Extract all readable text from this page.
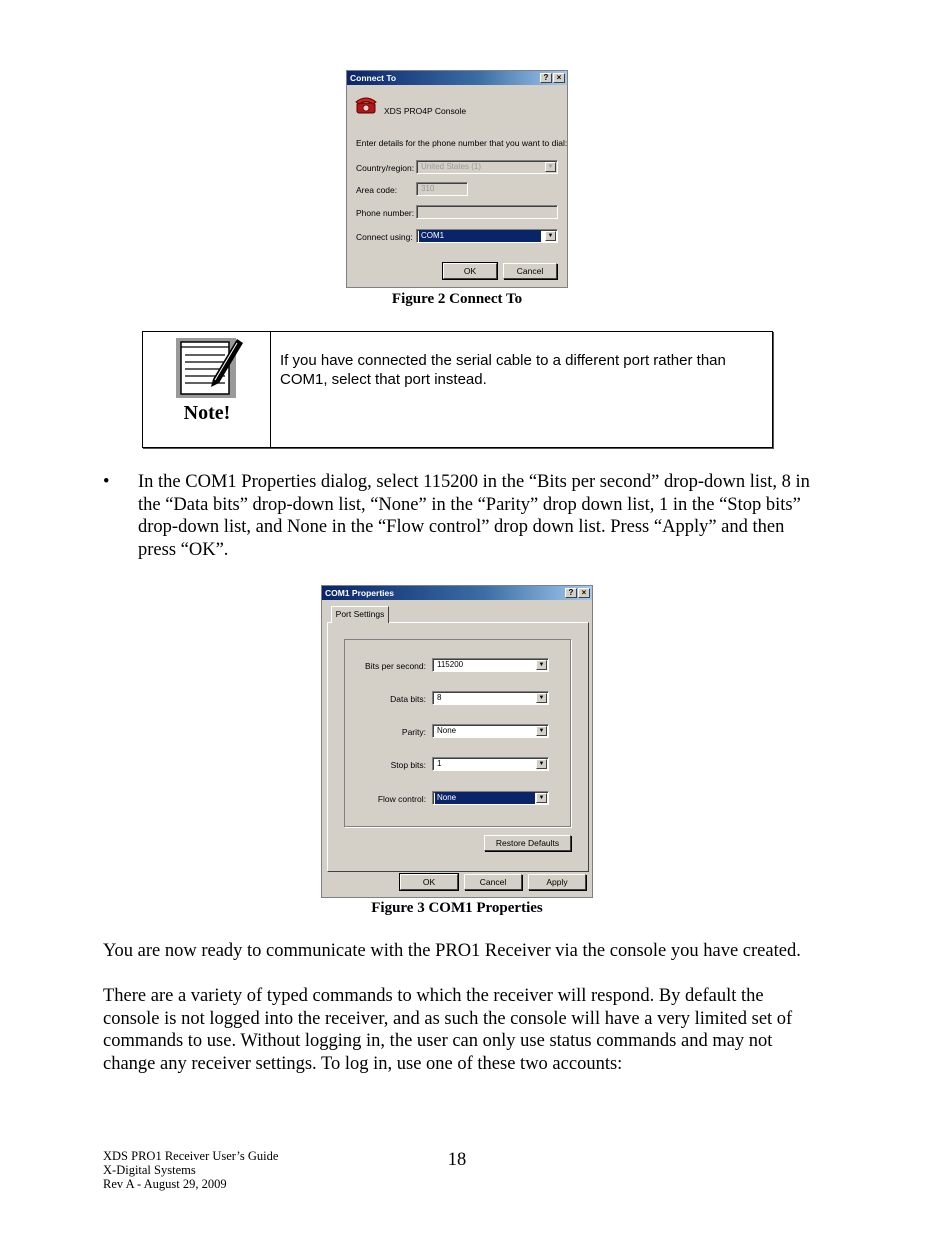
Connect To	?	×
XDS PRO4P Console
Enter details for the phone number that you want to dial:
Country/region: United States (1)	▼
Area code:	310
Phone number:
Connect using:	COM1	▼
OK	Cancel
Figure 2 Connect To
Note!
If you have connected the serial cable to a different port rather than COM1, select that port instead.
• In the COM1 Properties dialog, select 115200 in the “Bits per second” drop-down list, 8 in the “Data bits” drop-down list, “None” in the “Parity” drop down list, 1 in the “Stop bits” drop-down list, and None in the “Flow control” drop down list. Press “Apply” and then press “OK”.
COM1 Properties	?	×
Port Settings
Bits per second:	115200	▼
Data bits:	8	▼
Parity:	None	▼
Stop bits:	1	▼
Flow control:	None	▼
Restore Defaults
OK	Cancel	Apply
Figure 3 COM1 Properties
You are now ready to communicate with the PRO1 Receiver via the console you have created.
There are a variety of typed commands to which the receiver will respond. By default the console is not logged into the receiver, and as such the console will have a very limited set of commands to use. Without logging in, the user can only use status commands and may not change any receiver settings. To log in, use one of these two accounts:
XDS PRO1 Receiver User’s Guide
X-Digital Systems
Rev A - August 29, 2009
18
